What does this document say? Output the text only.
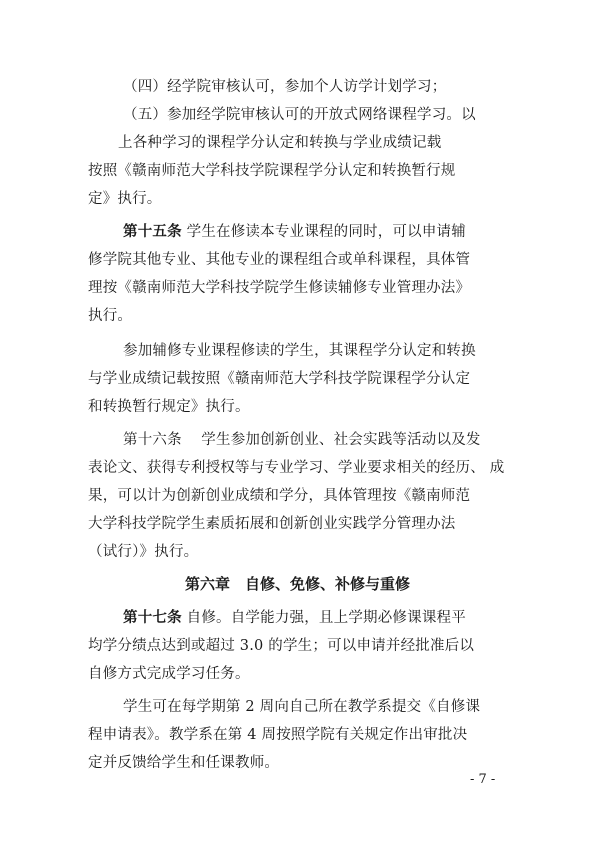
（四）经学院审核认可，参加个人访学计划学习；
（五）参加经学院审核认可的开放式网络课程学习。以
上各种学习的课程学分认定和转换与学业成绩记载
按照《赣南师范大学科技学院课程学分认定和转换暂行规
定》执行。
第十五条 学生在修读本专业课程的同时，可以申请辅
修学院其他专业、其他专业的课程组合或单科课程，具体管
理按《赣南师范大学科技学院学生修读辅修专业管理办法》
执行。
参加辅修专业课程修读的学生，其课程学分认定和转换
与学业成绩记载按照《赣南师范大学科技学院课程学分认定
和转换暂行规定》执行。
第十六条　 学生参加创新创业、社会实践等活动以及发
表论文、获得专利授权等与专业学习、学业要求相关的经历、 成
果，可以计为创新创业成绩和学分，具体管理按《赣南师范
大学科技学院学生素质拓展和创新创业实践学分管理办法
（试行）》执行。
第六章　自修、免修、补修与重修
第十七条 自修。自学能力强，且上学期必修课课程平
均学分绩点达到或超过 3.0 的学生；可以申请并经批准后以
自修方式完成学习任务。
学生可在每学期第 2 周向自己所在教学系提交《自修课
程申请表》。教学系在第 4 周按照学院有关规定作出审批决
定并反馈给学生和任课教师。
- 7 -
